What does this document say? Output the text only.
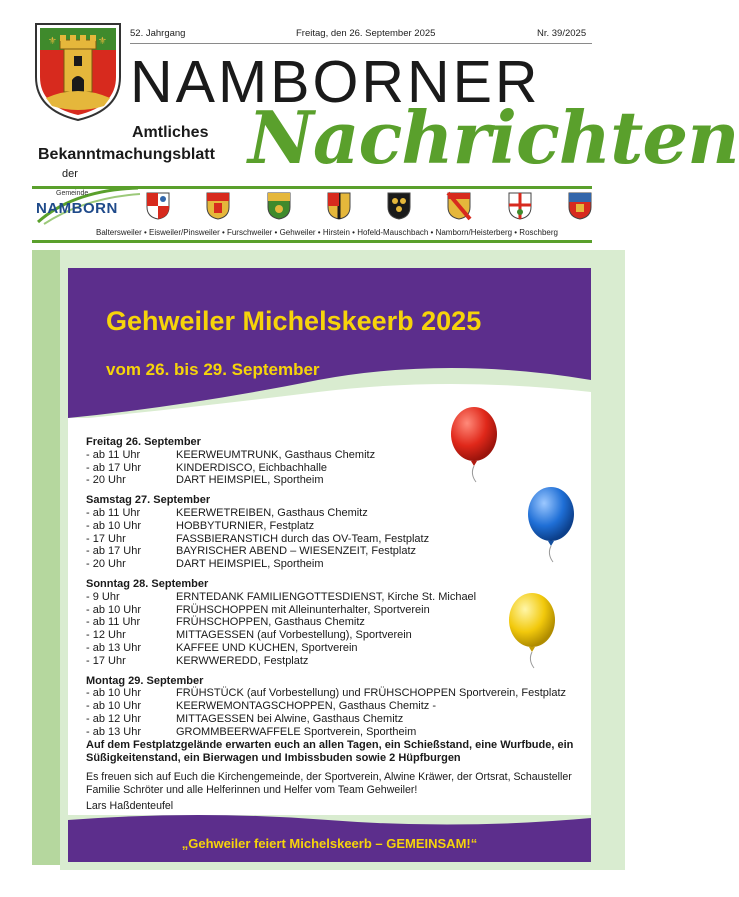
⚜	⚜
52. Jahrgang	Freitag, den 26. September 2025	Nr. 39/2025
NAMBORNER
Amtliches
Bekanntmachungsblatt
der Nachrichten
Gemeinde
NAMBORN
Baltersweiler • Eisweiler/Pinsweiler • Furschweiler • Gehweiler • Hirstein • Hofeld-Mauschbach • Namborn/Heisterberg • Roschberg
Gehweiler Michelskeerb 2025
vom 26. bis 29. September
Freitag 26. September
- ab 11 Uhr	KEERWEUMTRUNK, Gasthaus Chemitz
- ab 17 Uhr	KINDERDISCO, Eichbachhalle
- 20 Uhr	DART HEIMSPIEL, Sportheim
Samstag 27. September
- ab 11 Uhr	KEERWETREIBEN, Gasthaus Chemitz
- ab 10 Uhr	HOBBYTURNIER, Festplatz
- 17 Uhr	FASSBIERANSTICH durch das OV-Team, Festplatz
- ab 17 Uhr	BAYRISCHER ABEND – WIESENZEIT, Festplatz
- 20 Uhr	DART HEIMSPIEL, Sportheim
Sonntag 28. September
- 9 Uhr	ERNTEDANK FAMILIENGOTTESDIENST, Kirche St. Michael
- ab 10 Uhr	FRÜHSCHOPPEN mit Alleinunterhalter, Sportverein
- ab 11 Uhr	FRÜHSCHOPPEN, Gasthaus Chemitz
- 12 Uhr	MITTAGESSEN (auf Vorbestellung), Sportverein
- ab 13 Uhr	KAFFEE UND KUCHEN, Sportverein
- 17 Uhr	KERWWEREDD, Festplatz
Montag 29. September
- ab 10 Uhr	FRÜHSTÜCK (auf Vorbestellung) und FRÜHSCHOPPEN Sportverein, Festplatz
- ab 10 Uhr	KEERWEMONTAGSCHOPPEN, Gasthaus Chemitz -
- ab 12 Uhr	MITTAGESSEN bei Alwine, Gasthaus Chemitz
- ab 13 Uhr	GROMMBEERWAFFELE Sportverein, Sportheim
Auf dem Festplatzgelände erwarten euch an allen Tagen, ein Schießstand, eine Wurfbude, ein
Süßigkeitenstand, ein Bierwagen und Imbissbuden sowie 2 Hüpfburgen
Es freuen sich auf Euch die Kirchengemeinde, der Sportverein, Alwine Kräwer, der Ortsrat, Schausteller
Familie Schröter und alle Helferinnen und Helfer vom Team Gehweiler!
Lars Haßdenteufel
„Gehweiler feiert Michelskeerb – GEMEINSAM!“
